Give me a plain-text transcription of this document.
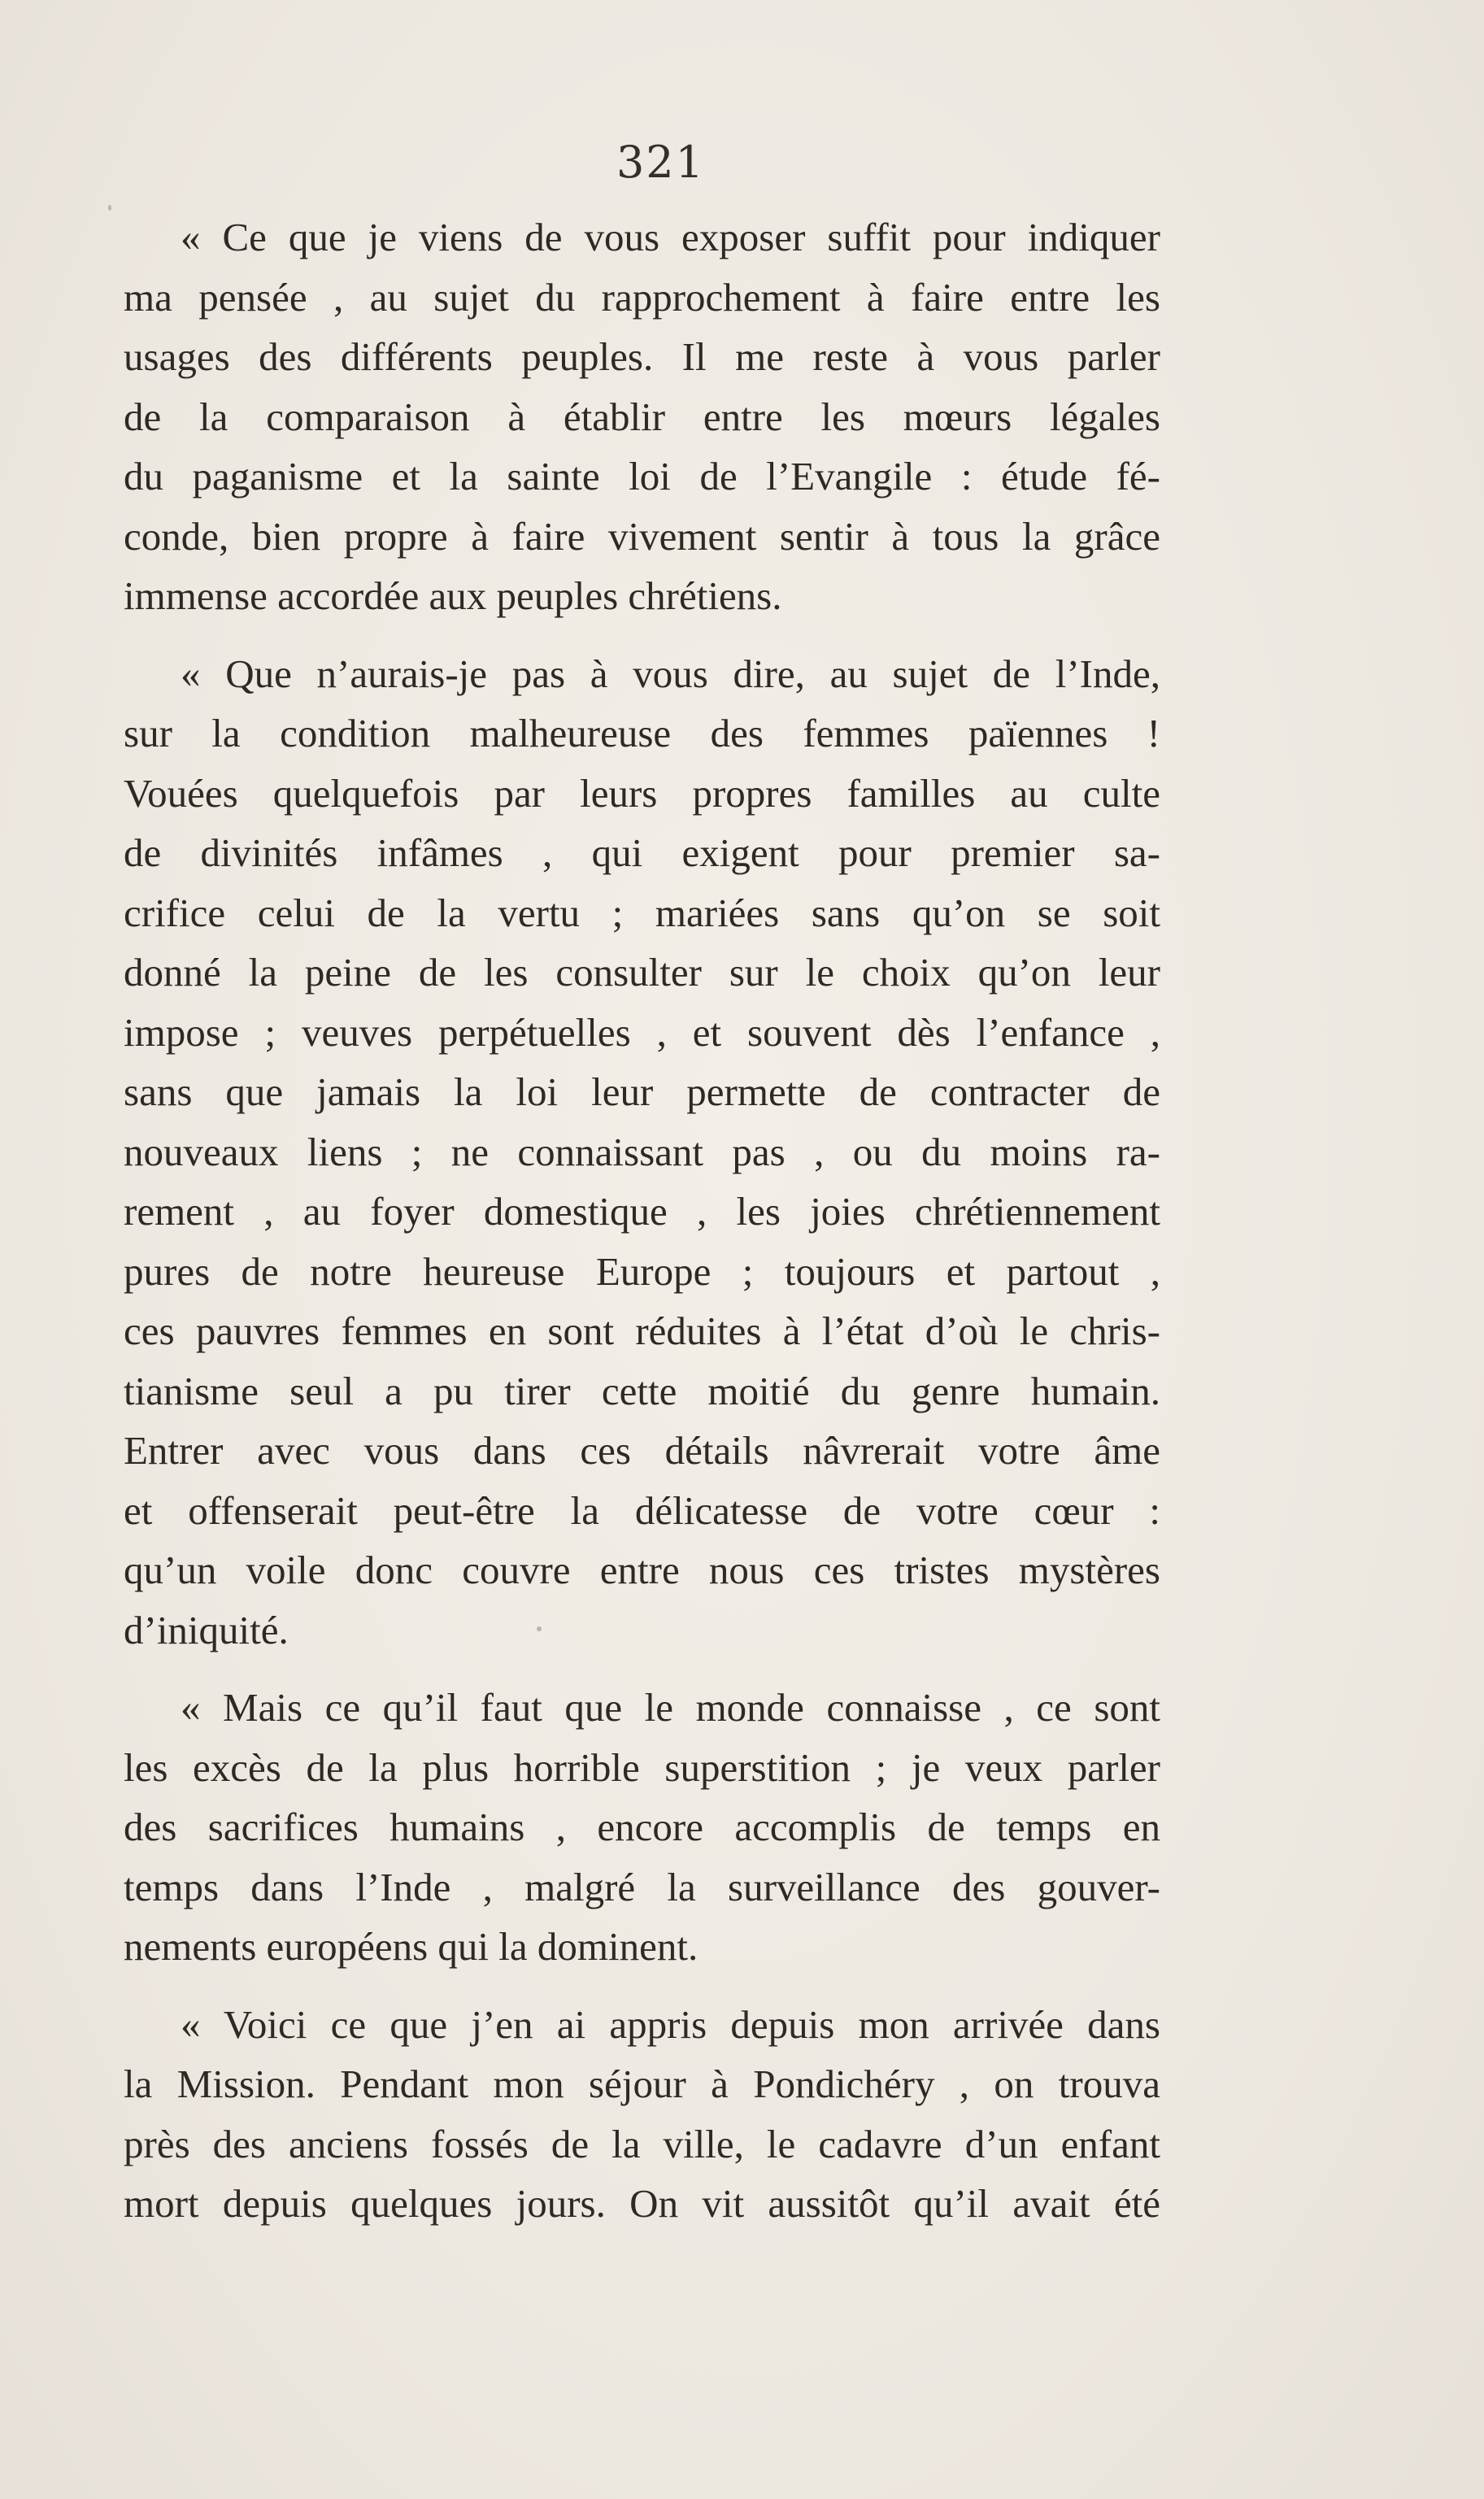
321
« Ce que je viens de vous exposer suffit pour indiquer
ma pensée , au sujet du rapprochement à faire entre les
usages des différents peuples. Il me reste à vous parler
de la comparaison à établir entre les mœurs légales
du paganisme et la sainte loi de l’Evangile : étude fé-
conde, bien propre à faire vivement sentir à tous la grâce
immense accordée aux peuples chrétiens.
« Que n’aurais-je pas à vous dire, au sujet de l’Inde,
sur la condition malheureuse des femmes païennes !
Vouées quelquefois par leurs propres familles au culte
de divinités infâmes , qui exigent pour premier sa-
crifice celui de la vertu ; mariées sans qu’on se soit
donné la peine de les consulter sur le choix qu’on leur
impose ; veuves perpétuelles , et souvent dès l’enfance ,
sans que jamais la loi leur permette de contracter de
nouveaux liens ; ne connaissant pas , ou du moins ra-
rement , au foyer domestique , les joies chrétiennement
pures de notre heureuse Europe ; toujours et partout ,
ces pauvres femmes en sont réduites à l’état d’où le chris-
tianisme seul a pu tirer cette moitié du genre humain.
Entrer avec vous dans ces détails nâvrerait votre âme
et offenserait peut-être la délicatesse de votre cœur :
qu’un voile donc couvre entre nous ces tristes mystères
d’iniquité.
« Mais ce qu’il faut que le monde connaisse , ce sont
les excès de la plus horrible superstition ; je veux parler
des sacrifices humains , encore accomplis de temps en
temps dans l’Inde , malgré la surveillance des gouver-
nements européens qui la dominent.
« Voici ce que j’en ai appris depuis mon arrivée dans
la Mission. Pendant mon séjour à Pondichéry , on trouva
près des anciens fossés de la ville, le cadavre d’un enfant
mort depuis quelques jours. On vit aussitôt qu’il avait été
